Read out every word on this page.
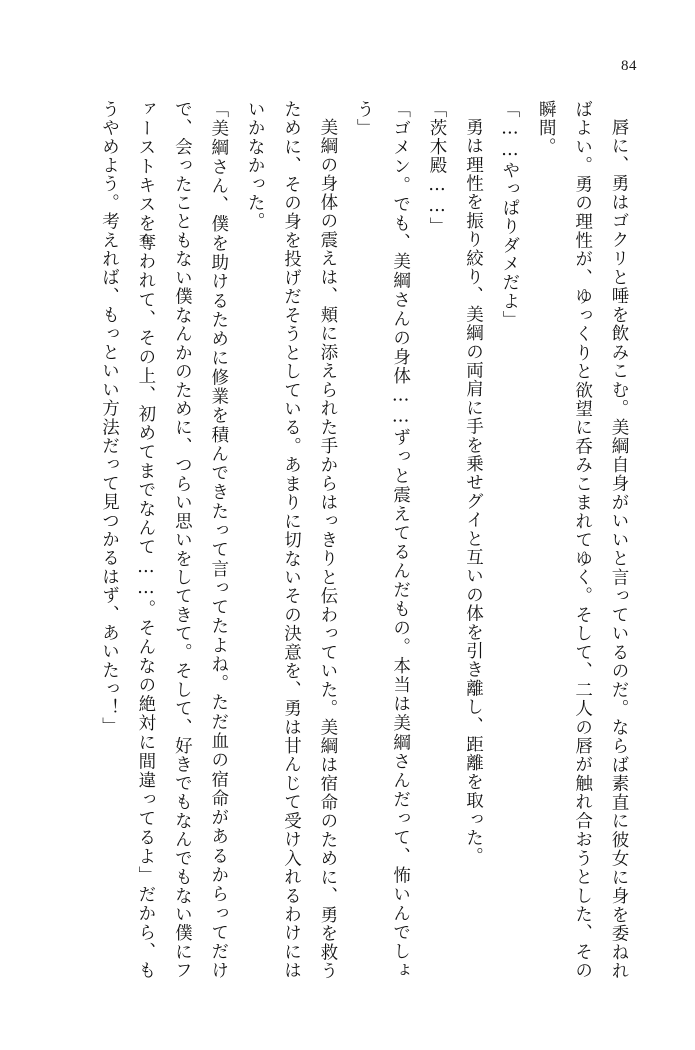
84

唇に、勇はゴクリと唾を飲みこむ。美綱自身がいいと言っているのだ。ならば素直に彼女に身を委ねればよい。勇の理性が、ゆっくりと欲望に呑みこまれてゆく。そして、二人の唇が触れ合おうとした、その瞬間。

「……やっぱりダメだよ」

勇は理性を振り絞り、美綱の両肩に手を乗せグイと互いの体を引き離し、距離を取った。

「茨木殿……」

「ゴメン。でも、美綱さんの身体……ずっと震えてるんだもの。本当は美綱さんだって、怖いんでしょう」

美綱の身体の震えは、頬に添えられた手からはっきりと伝わっていた。美綱は宿命のために、勇を救うために、その身を投げだそうとしている。あまりに切ないその決意を、勇は甘んじて受け入れるわけにはいかなかった。

「美綱さん、僕を助けるために修業を積んできたって言ってたよね。ただ血の宿命があるからってだけで、会ったこともない僕なんかのために、つらい思いをしてきて。そして、好きでもなんでもない僕にファーストキスを奪われて、その上、初めてまでなんて……。そんなの絶対に間違ってるよ」だから、もうやめよう。考えれば、もっといい方法だって見つかるはず、あいたっ！」
